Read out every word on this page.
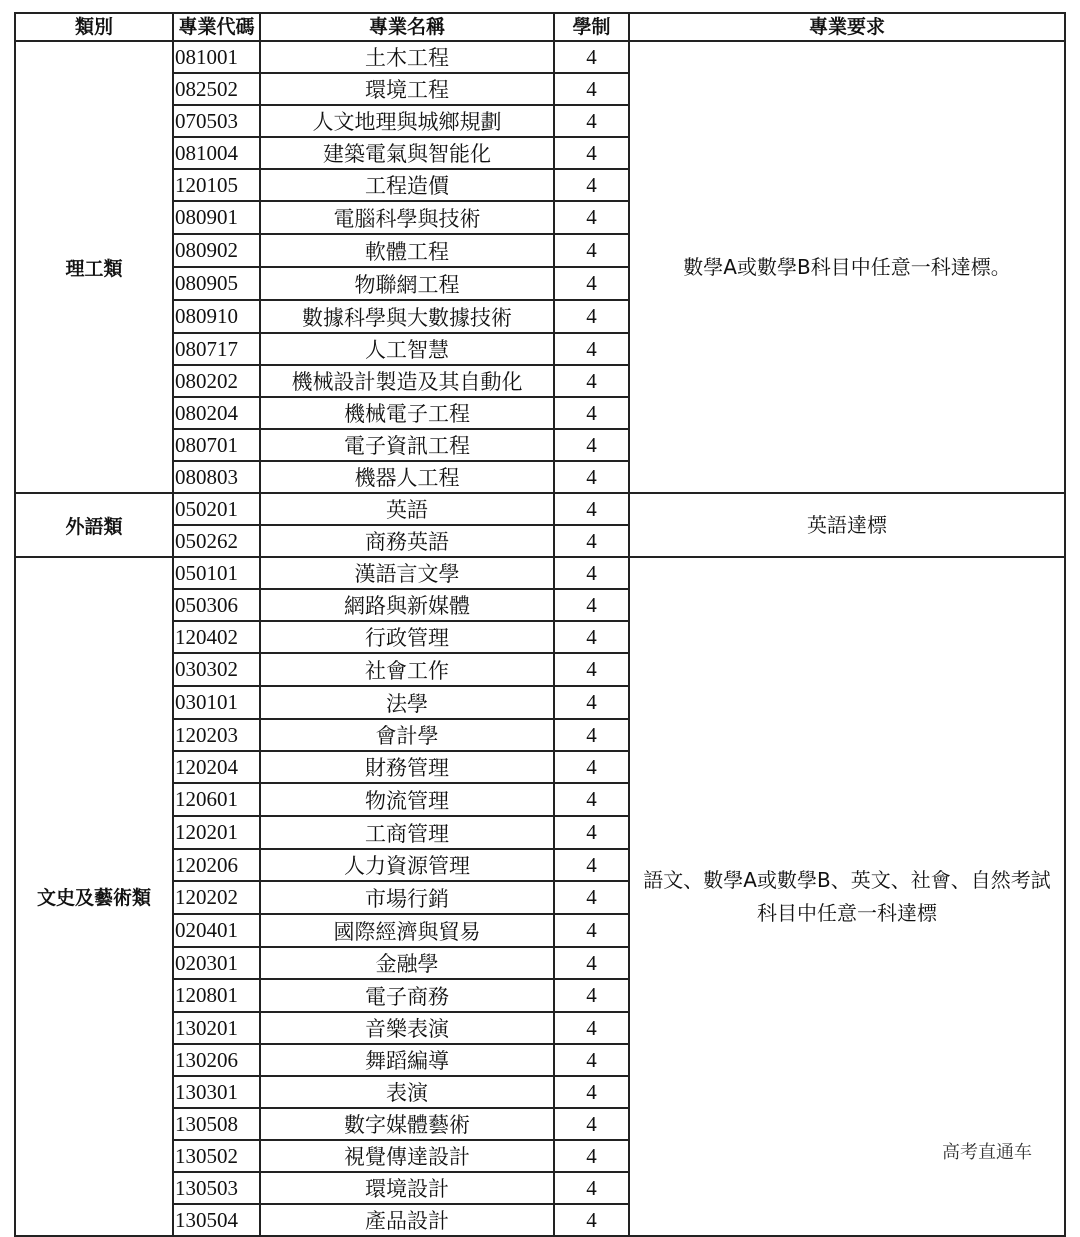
類別	專業代碼	專業名稱	學制	專業要求
理工類	081001	土木工程	4	數學A或數學B科目中任意一科達標。
	082502	環境工程	4	
	070503	人文地理與城鄉規劃	4	
	081004	建築電氣與智能化	4	
	120105	工程造價	4	
	080901	電腦科學與技術	4	
	080902	軟體工程	4	
	080905	物聯網工程	4	
	080910	數據科學與大數據技術	4	
	080717	人工智慧	4	
	080202	機械設計製造及其自動化	4	
	080204	機械電子工程	4	
	080701	電子資訊工程	4	
	080803	機器人工程	4	
外語類	050201	英語	4	英語達標
	050262	商務英語	4	
文史及藝術類	050101	漢語言文學	4	語文、數學A或數學B、英文、社會、自然考試科目中任意一科達標
	050306	網路與新媒體	4	
	120402	行政管理	4	
	030302	社會工作	4	
	030101	法學	4	
	120203	會計學	4	
	120204	財務管理	4	
	120601	物流管理	4	
	120201	工商管理	4	
	120206	人力資源管理	4	
	120202	市場行銷	4	
	020401	國際經濟與貿易	4	
	020301	金融學	4	
	120801	電子商務	4	
	130201	音樂表演	4	
	130206	舞蹈編導	4	
	130301	表演	4	
	130508	數字媒體藝術	4	
	130502	視覺傳達設計	4	
	130503	環境設計	4	
	130504	產品設計	4	
高考直通车
